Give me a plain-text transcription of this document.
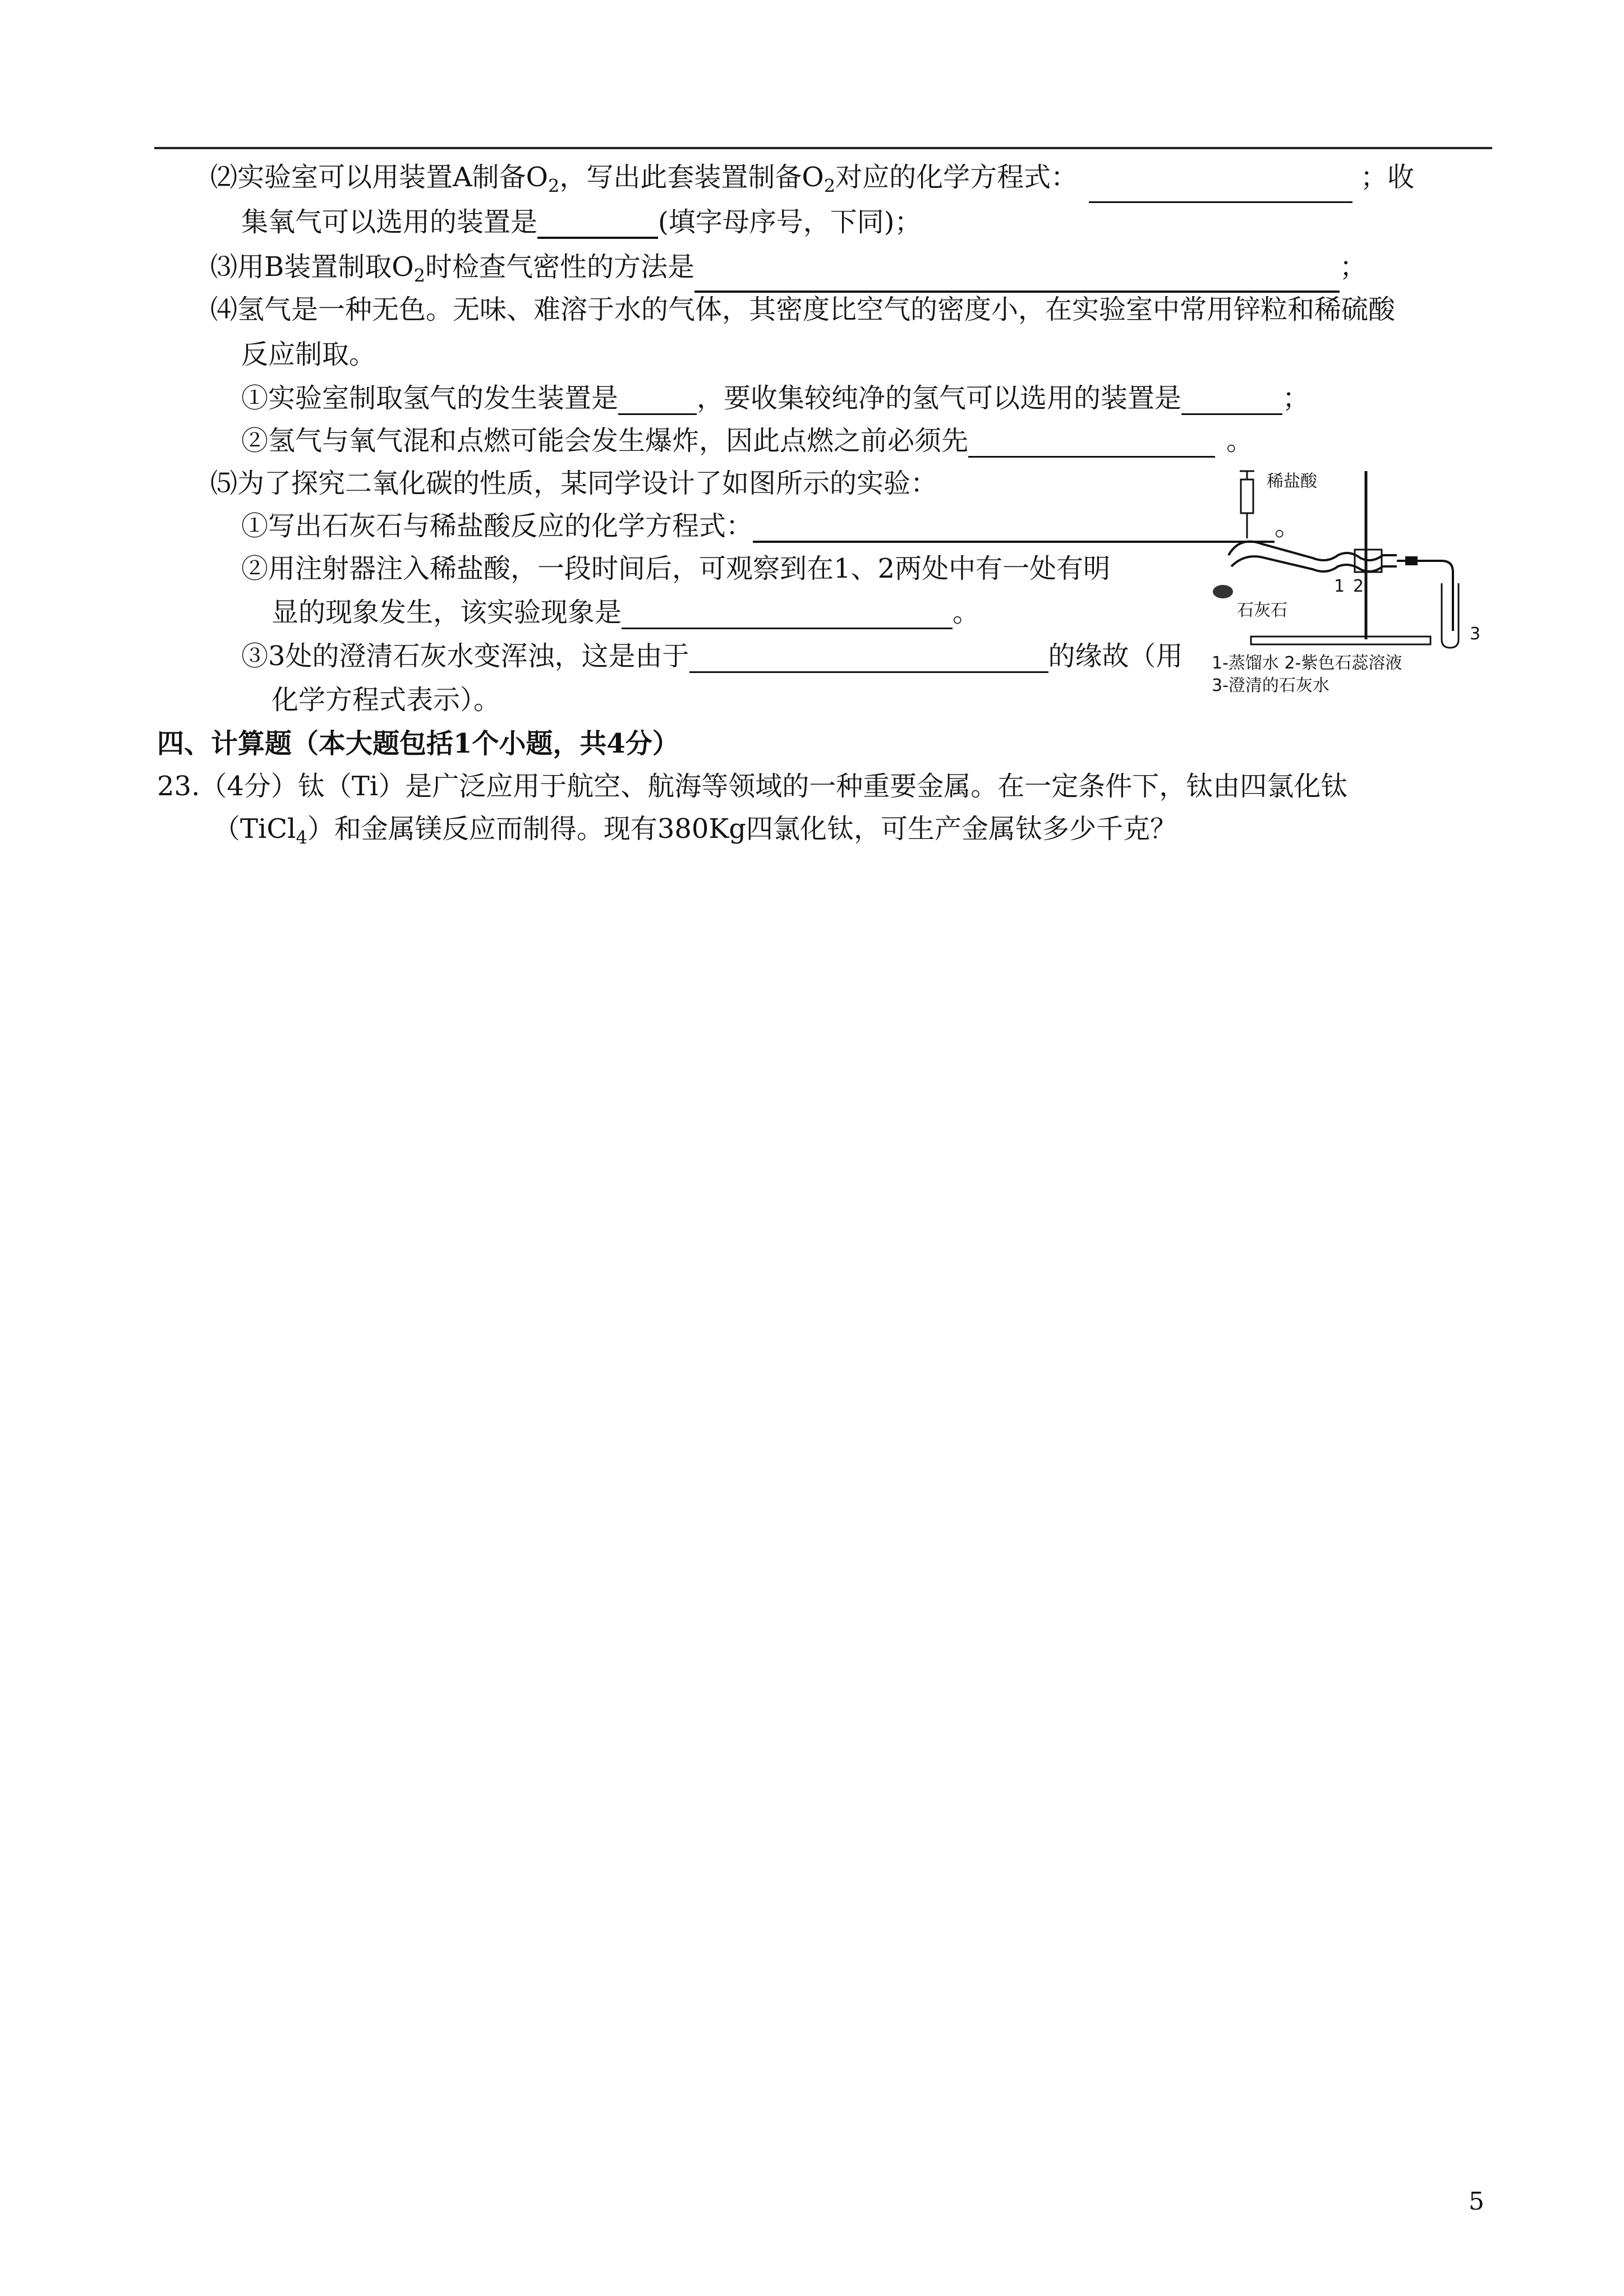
⑵实验室可以用装置A制备$O_2$，写出此套装置制备$O_2$对应的化学方程式：	；收
集氧气可以选用的装置是	(填字母序号，下同)；
⑶用B装置制取$O_2$时检查气密性的方法是	；
⑷氢气是一种无色。无味、难溶于水的气体，其密度比空气的密度小，在实验室中常用锌粒和稀硫酸
反应制取。
①实验室制取氢气的发生装置是	，要收集较纯净的氢气可以选用的装置是	；
②氢气与氧气混和点燃可能会发生爆炸，因此点燃之前必须先	。
⑸为了探究二氧化碳的性质，某同学设计了如图所示的实验：
①写出石灰石与稀盐酸反应的化学方程式：	。
②用注射器注入稀盐酸，一段时间后，可观察到在1、2两处中有一处有明
显的现象发生，该实验现象是	。
③3处的澄清石灰水变浑浊，这是由于	的缘故（用
化学方程式表示）。
稀盐酸
石灰石
1 2
3
1-蒸馏水 2-紫色石蕊溶液
3-澄清的石灰水
四、计算题（本大题包括1个小题，共4分）
23.（4分）钛（Ti）是广泛应用于航空、航海等领域的一种重要金属。在一定条件下，钛由四氯化钛
（TiCl$_4$）和金属镁反应而制得。现有380Kg四氯化钛，可生产金属钛多少千克？
5
